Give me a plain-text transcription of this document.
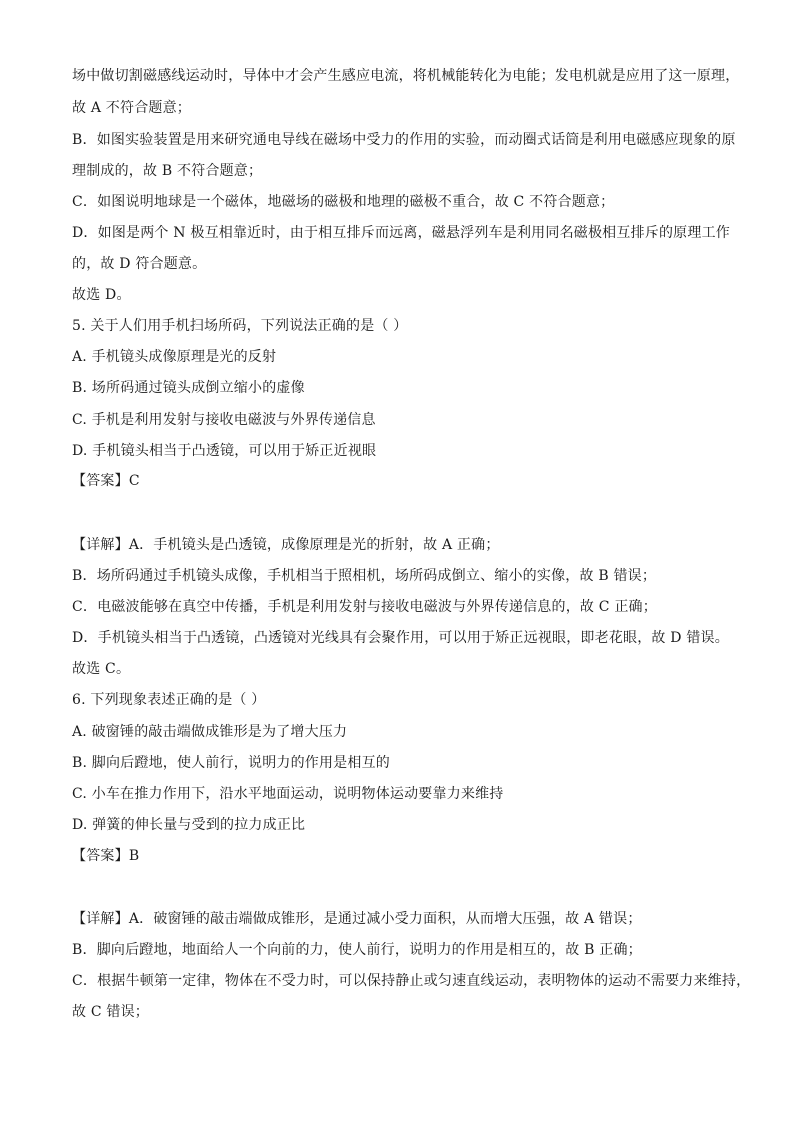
场中做切割磁感线运动时，导体中才会产生感应电流，将机械能转化为电能；发电机就是应用了这一原理，
故 A 不符合题意；
B．如图实验装置是用来研究通电导线在磁场中受力的作用的实验，而动圈式话筒是利用电磁感应现象的原
理制成的，故 B 不符合题意；
C．如图说明地球是一个磁体，地磁场的磁极和地理的磁极不重合，故 C 不符合题意；
D．如图是两个 N 极互相靠近时，由于相互排斥而远离，磁悬浮列车是利用同名磁极相互排斥的原理工作
的，故 D 符合题意。
故选 D。
5. 关于人们用手机扫场所码，下列说法正确的是（ ）
A. 手机镜头成像原理是光的反射
B. 场所码通过镜头成倒立缩小的虚像
C. 手机是利用发射与接收电磁波与外界传递信息
D. 手机镜头相当于凸透镜，可以用于矫正近视眼
【答案】C
【详解】A．手机镜头是凸透镜，成像原理是光的折射，故 A 正确；
B．场所码通过手机镜头成像，手机相当于照相机，场所码成倒立、缩小的实像，故 B 错误；
C．电磁波能够在真空中传播，手机是利用发射与接收电磁波与外界传递信息的，故 C 正确；
D．手机镜头相当于凸透镜，凸透镜对光线具有会聚作用，可以用于矫正远视眼，即老花眼，故 D 错误。
故选 C。
6. 下列现象表述正确的是（ ）
A. 破窗锤的敲击端做成锥形是为了增大压力
B. 脚向后蹬地，使人前行，说明力的作用是相互的
C. 小车在推力作用下，沿水平地面运动，说明物体运动要靠力来维持
D. 弹簧的伸长量与受到的拉力成正比
【答案】B
【详解】A．破窗锤的敲击端做成锥形，是通过减小受力面积，从而增大压强，故 A 错误；
B．脚向后蹬地，地面给人一个向前的力，使人前行，说明力的作用是相互的，故 B 正确；
C．根据牛顿第一定律，物体在不受力时，可以保持静止或匀速直线运动，表明物体的运动不需要力来维持，
故 C 错误；
